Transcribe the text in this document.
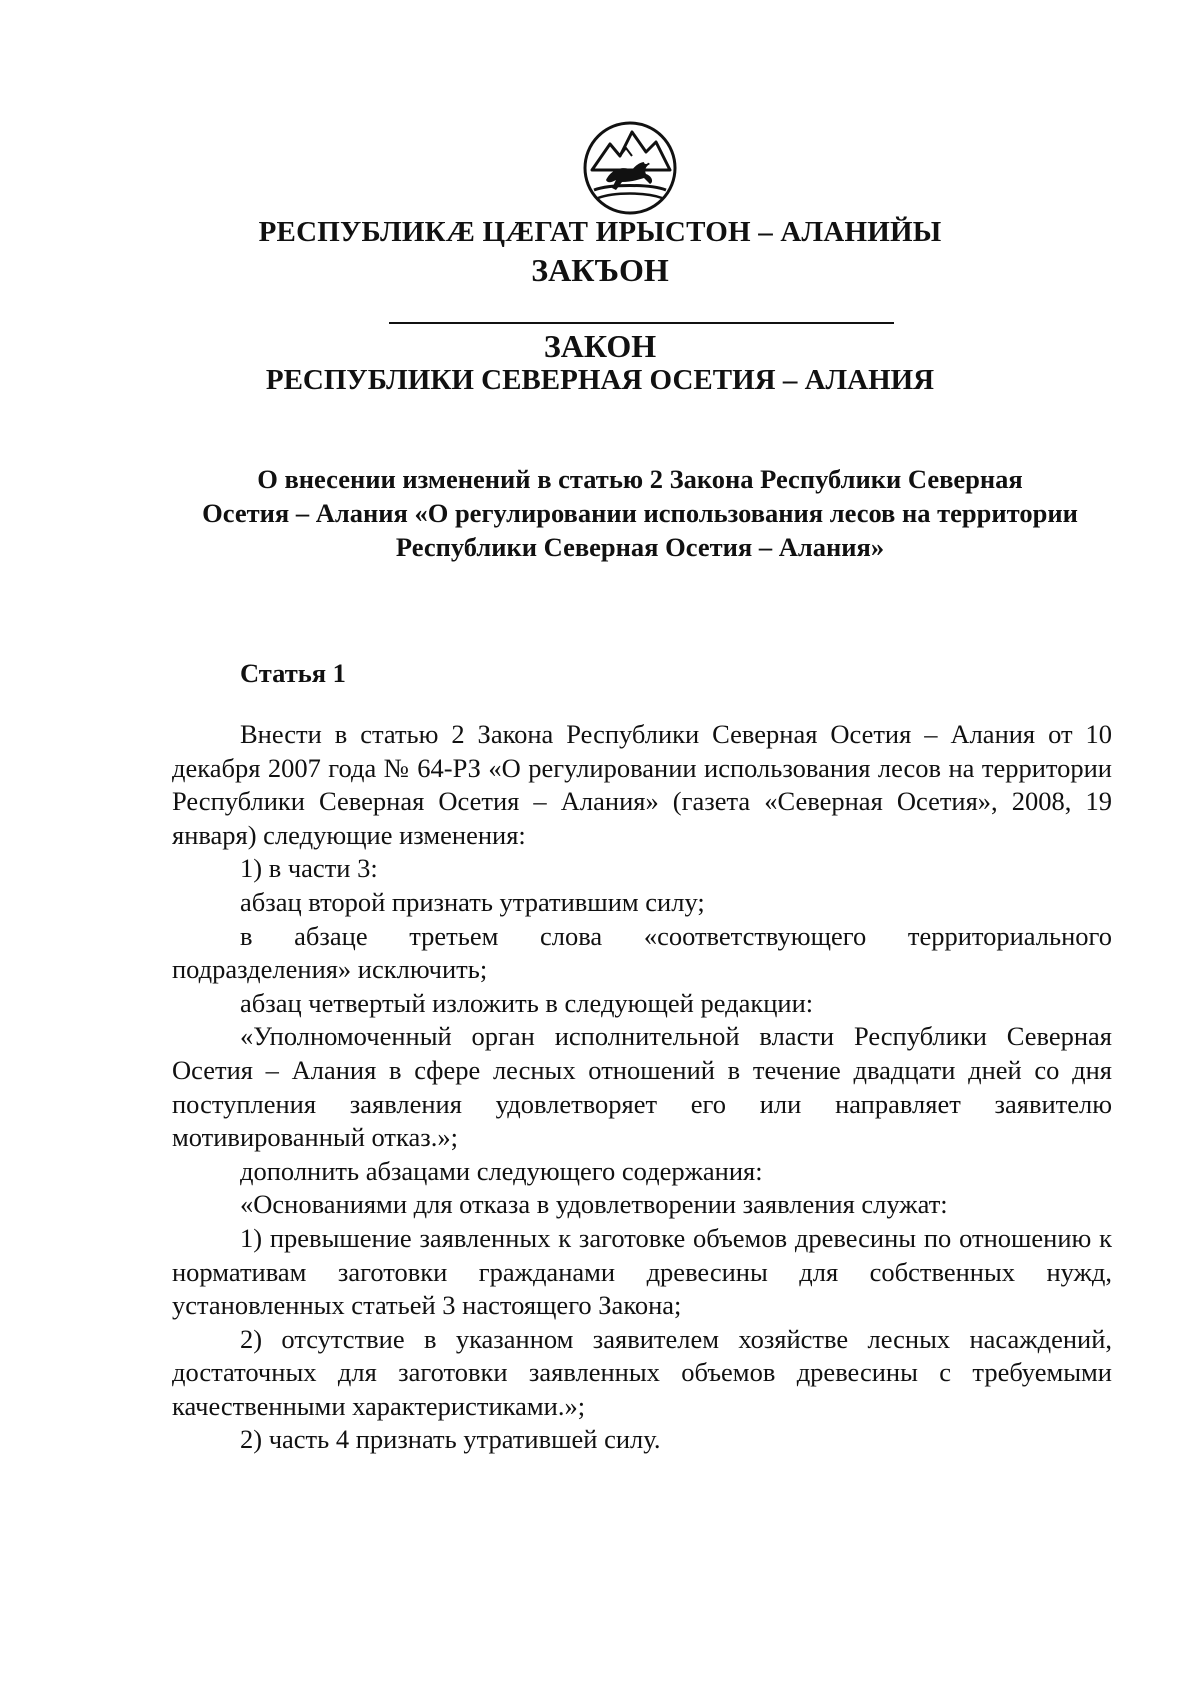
РЕСПУБЛИКÆ ЦÆГАТ ИРЫСТОН – АЛАНИЙЫ
ЗАКЪОН
ЗАКОН
РЕСПУБЛИКИ СЕВЕРНАЯ ОСЕТИЯ – АЛАНИЯ
О внесении изменений в статью 2 Закона Республики Северная
Осетия – Алания «О регулировании использования лесов на территории
Республики Северная Осетия – Алания»
Статья 1

Внести в статью 2 Закона Республики Северная Осетия – Алания от 10 декабря 2007 года № 64-РЗ «О регулировании использования лесов на территории Республики Северная Осетия – Алания» (газета «Северная Осетия», 2008, 19 января) следующие изменения:

1) в части 3:

абзац второй признать утратившим силу;

в абзаце третьем слова «соответствующего территориального подразделения» исключить;

абзац четвертый изложить в следующей редакции:

«Уполномоченный орган исполнительной власти Республики Северная Осетия – Алания в сфере лесных отношений в течение двадцати дней со дня поступления заявления удовлетворяет его или направляет заявителю мотивированный отказ.»;

дополнить абзацами следующего содержания:

«Основаниями для отказа в удовлетворении заявления служат:

1) превышение заявленных к заготовке объемов древесины по отношению к нормативам заготовки гражданами древесины для собственных нужд, установленных статьей 3 настоящего Закона;

2) отсутствие в указанном заявителем хозяйстве лесных насаждений, достаточных для заготовки заявленных объемов древесины с требуемыми качественными характеристиками.»;

2) часть 4 признать утратившей силу.
